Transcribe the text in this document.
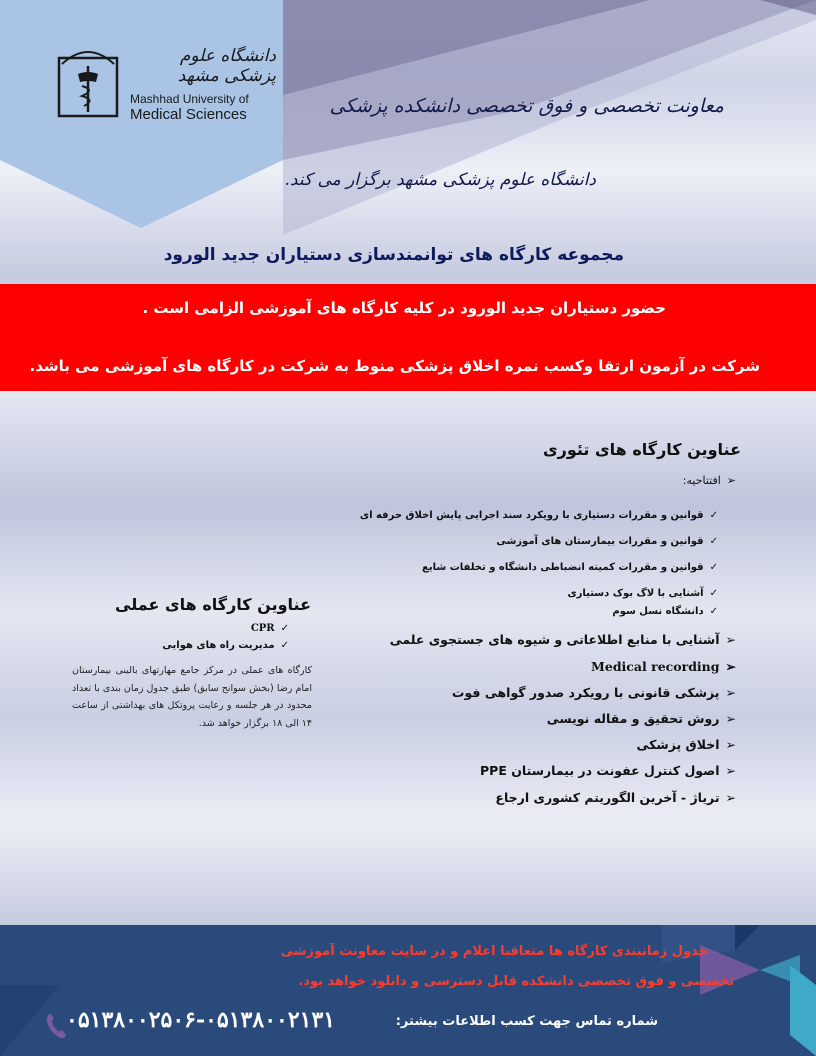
دانشگاه علوم پزشکی مشهد
Mashhad University of
Medical Sciences	معاونت تخصصی و فوق تخصصی دانشکده پزشکی
دانشگاه علوم پزشکی مشهد برگزار می کند.
مجموعه کارگاه های توانمندسازی دستیاران جدید الورود
حضور دستیاران جدید الورود در کلیه کارگاه های آموزشی الزامی است .
شرکت در آزمون ارتقا وکسب نمره اخلاق پزشکی منوط به شرکت در کارگاه های آموزشی می باشد.
عناوین کارگاه های تئوری
➢افتتاحیه:
✓قوانین و مقررات دستیاری با رویکرد سند اجرایی پایش اخلاق حرفه ای
✓قوانین و مقررات بیمارستان های آموزشی
✓قوانین و مقررات کمیته انضباطی دانشگاه و تخلفات شایع
✓آشنایی با لاگ بوک دستیاری
✓دانشگاه نسل سوم
➢آشنایی با منابع اطلاعاتی و شیوه های جستجوی علمی
➢Medical recording
➢پزشکی قانونی با رویکرد صدور گواهی فوت
➢روش تحقیق و مقاله نویسی
➢اخلاق پزشکی
➢اصول کنترل عفونت در بیمارستان PPE
➢تریاژ - آخرین الگوریتم کشوری ارجاع
عناوین کارگاه های عملی
✓CPR
✓مدیریت راه های هوایی
کارگاه های عملی در مرکز جامع مهارتهای بالینی بیمارستان امام رضا (بخش سوانح سابق) طبق جدول زمان بندی با تعداد محدود در هر جلسه و رعایت پروتکل های بهداشتی از ساعت ۱۴ الی ۱۸ برگزار خواهد شد.
جدول زمانبندی کارگاه ها متعاقبا اعلام و در سایت معاونت آموزشی
تخصصی و فوق تخصصی دانشکده قابل دسترسی و دانلود خواهد بود.
شماره تماس جهت کسب اطلاعات بیشتر:
۰۵۱۳۸۰۰۲۵۰۶-۰۵۱۳۸۰۰۲۱۳۱
